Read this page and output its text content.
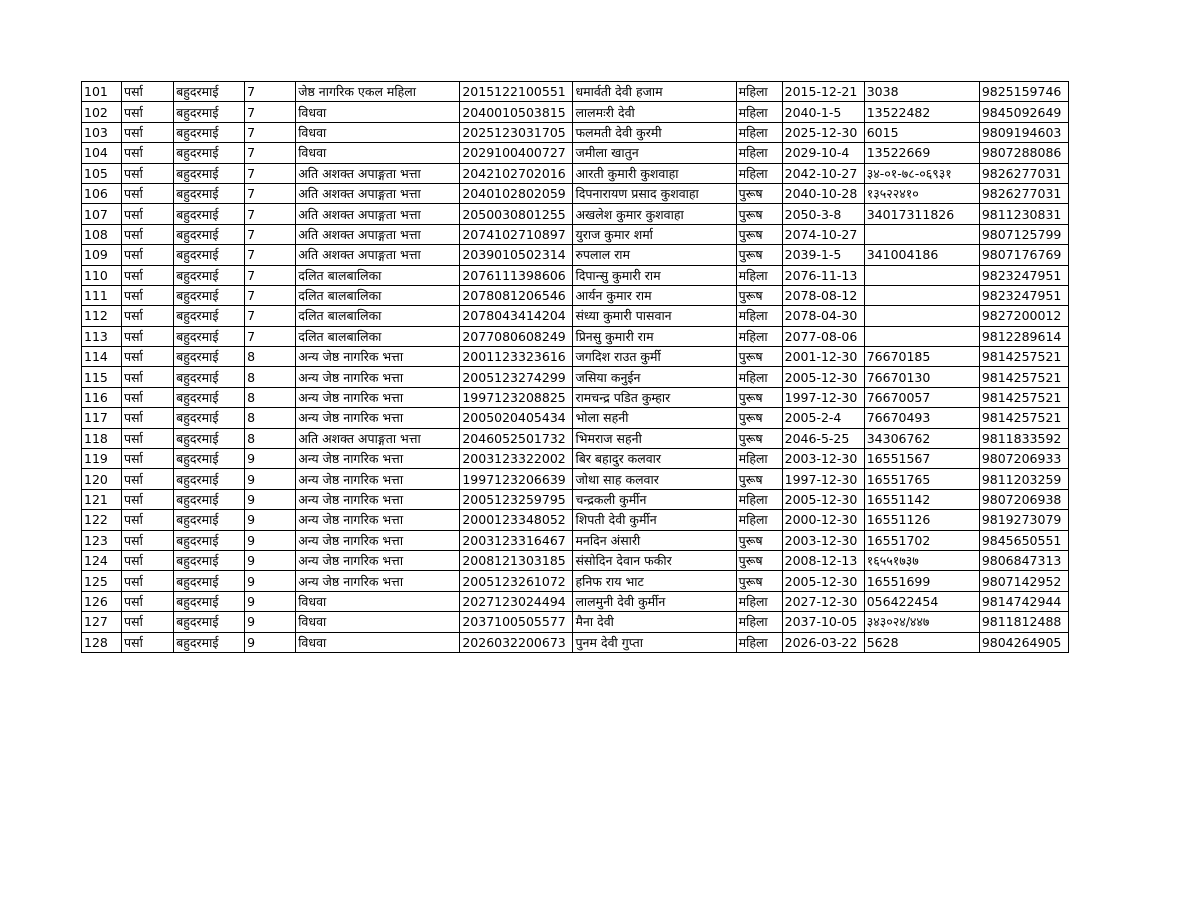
101	पर्सा	बहुदरमाई	7	जेष्ठ नागरिक एकल महिला	2015122100551	धमार्वती देवी हजाम	महिला	2015-12-21	3038	9825159746
102	पर्सा	बहुदरमाई	7	विधवा	2040010503815	लालमःरी देवी	महिला	2040-1-5	13522482	9845092649
103	पर्सा	बहुदरमाई	7	विधवा	2025123031705	फलमती देवी कुरमी	महिला	2025-12-30	6015	9809194603
104	पर्सा	बहुदरमाई	7	विधवा	2029100400727	जमीला खातुन	महिला	2029-10-4	13522669	9807288086
105	पर्सा	बहुदरमाई	7	अति अशक्त अपाङ्गता भत्ता	2042102702016	आरती कुमारी कुशवाहा	महिला	2042-10-27	३४-०१-७८-०६९३१	9826277031
106	पर्सा	बहुदरमाई	7	अति अशक्त अपाङ्गता भत्ता	2040102802059	दिपनारायण प्रसाद कुशवाहा	पुरूष	2040-10-28	१३५२२४१०	9826277031
107	पर्सा	बहुदरमाई	7	अति अशक्त अपाङ्गता भत्ता	2050030801255	अखलेश कुमार कुशवाहा	पुरूष	2050-3-8	34017311826	9811230831
108	पर्सा	बहुदरमाई	7	अति अशक्त अपाङ्गता भत्ता	2074102710897	युराज कुमार शर्मा	पुरूष	2074-10-27		9807125799
109	पर्सा	बहुदरमाई	7	अति अशक्त अपाङ्गता भत्ता	2039010502314	रुपलाल राम	पुरूष	2039-1-5	341004186	9807176769
110	पर्सा	बहुदरमाई	7	दलित बालबालिका	2076111398606	दिपान्सु कुमारी राम	महिला	2076-11-13		9823247951
111	पर्सा	बहुदरमाई	7	दलित बालबालिका	2078081206546	आर्यन कुमार राम	पुरूष	2078-08-12		9823247951
112	पर्सा	बहुदरमाई	7	दलित बालबालिका	2078043414204	संध्या कुमारी पासवान	महिला	2078-04-30		9827200012
113	पर्सा	बहुदरमाई	7	दलित बालबालिका	2077080608249	प्रिनसु कुमारी राम	महिला	2077-08-06		9812289614
114	पर्सा	बहुदरमाई	8	अन्य जेष्ठ नागरिक भत्ता	2001123323616	जगदिश राउत कुर्मी	पुरूष	2001-12-30	76670185	9814257521
115	पर्सा	बहुदरमाई	8	अन्य जेष्ठ नागरिक भत्ता	2005123274299	जसिया कनुईन	महिला	2005-12-30	76670130	9814257521
116	पर्सा	बहुदरमाई	8	अन्य जेष्ठ नागरिक भत्ता	1997123208825	रामचन्द्र पडित कुम्हार	पुरूष	1997-12-30	76670057	9814257521
117	पर्सा	बहुदरमाई	8	अन्य जेष्ठ नागरिक भत्ता	2005020405434	भोला सहनी	पुरूष	2005-2-4	76670493	9814257521
118	पर्सा	बहुदरमाई	8	अति अशक्त अपाङ्गता भत्ता	2046052501732	भिमराज सहनी	पुरूष	2046-5-25	34306762	9811833592
119	पर्सा	बहुदरमाई	9	अन्य जेष्ठ नागरिक भत्ता	2003123322002	बिर बहादुर कलवार	महिला	2003-12-30	16551567	9807206933
120	पर्सा	बहुदरमाई	9	अन्य जेष्ठ नागरिक भत्ता	1997123206639	जोथा साह कलवार	पुरूष	1997-12-30	16551765	9811203259
121	पर्सा	बहुदरमाई	9	अन्य जेष्ठ नागरिक भत्ता	2005123259795	चन्द्रकली कुर्मीन	महिला	2005-12-30	16551142	9807206938
122	पर्सा	बहुदरमाई	9	अन्य जेष्ठ नागरिक भत्ता	2000123348052	शिपती देवी कुर्मीन	महिला	2000-12-30	16551126	9819273079
123	पर्सा	बहुदरमाई	9	अन्य जेष्ठ नागरिक भत्ता	2003123316467	मनदिन अंसारी	पुरूष	2003-12-30	16551702	9845650551
124	पर्सा	बहुदरमाई	9	अन्य जेष्ठ नागरिक भत्ता	2008121303185	संसोदिन देवान फकीर	पुरूष	2008-12-13	१६५५१७३७	9806847313
125	पर्सा	बहुदरमाई	9	अन्य जेष्ठ नागरिक भत्ता	2005123261072	हनिफ राय भाट	पुरूष	2005-12-30	16551699	9807142952
126	पर्सा	बहुदरमाई	9	विधवा	2027123024494	लालमुनी देवी कुर्मीन	महिला	2027-12-30	056422454	9814742944
127	पर्सा	बहुदरमाई	9	विधवा	2037100505577	मैना देवी	महिला	2037-10-05	३४३०२४/४४७	9811812488
128	पर्सा	बहुदरमाई	9	विधवा	2026032200673	पुनम देवी गुप्ता	महिला	2026-03-22	5628	9804264905
